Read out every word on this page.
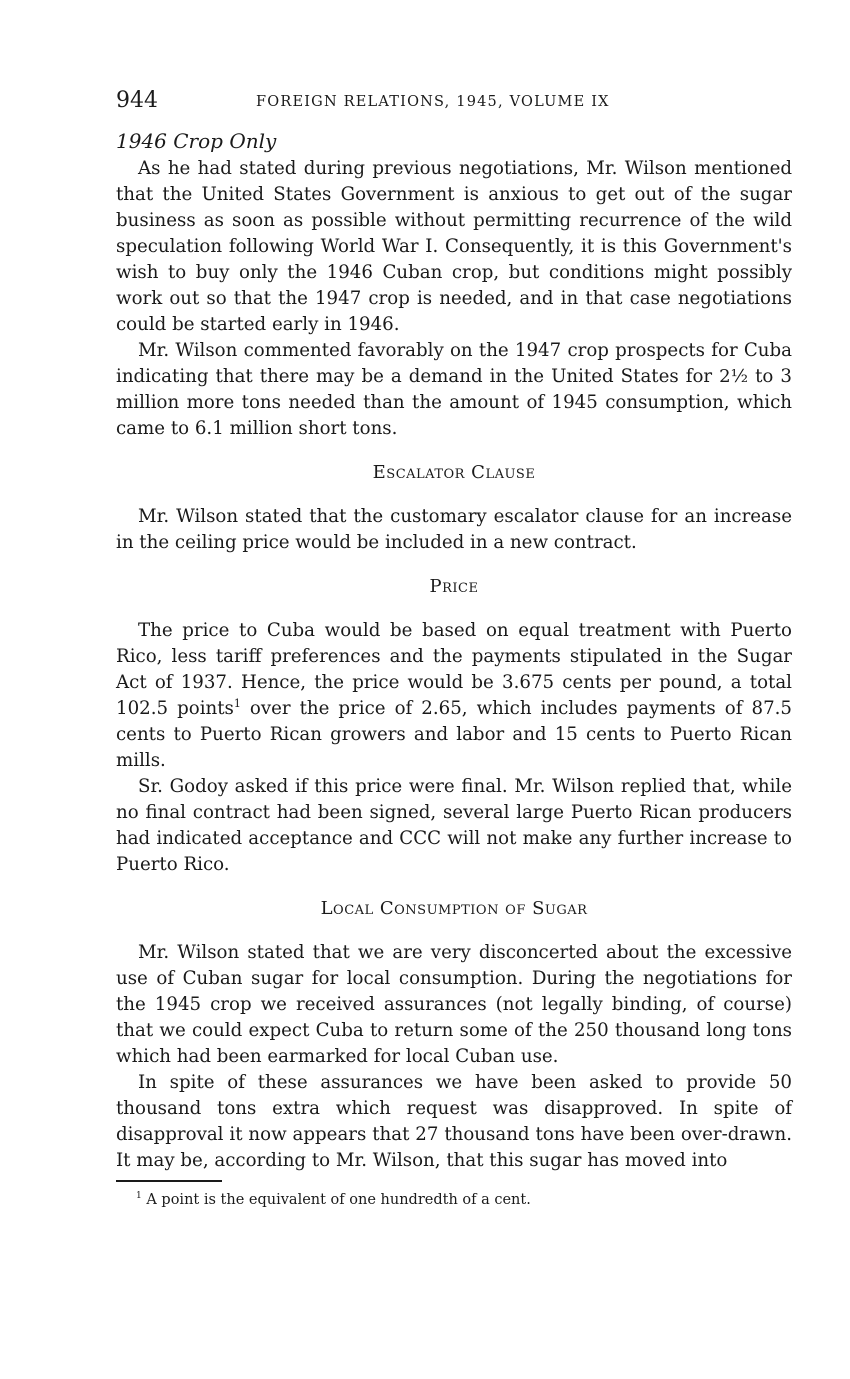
944	FOREIGN RELATIONS, 1945, VOLUME IX
1946 Crop Only

As he had stated during previous negotiations, Mr. Wilson mentioned that the United States Government is anxious to get out of the sugar business as soon as possible without permitting recurrence of the wild speculation following World War I. Consequently, it is this Government's wish to buy only the 1946 Cuban crop, but conditions might possibly work out so that the 1947 crop is needed, and in that case negotiations could be started early in 1946.

Mr. Wilson commented favorably on the 1947 crop prospects for Cuba indicating that there may be a demand in the United States for 2½ to 3 million more tons needed than the amount of 1945 consumption, which came to 6.1 million short tons.

Escalator Clause

Mr. Wilson stated that the customary escalator clause for an increase in the ceiling price would be included in a new contract.

Price

The price to Cuba would be based on equal treatment with Puerto Rico, less tariff preferences and the payments stipulated in the Sugar Act of 1937. Hence, the price would be 3.675 cents per pound, a total 102.5 points$^1$ over the price of 2.65, which includes payments of 87.5 cents to Puerto Rican growers and labor and 15 cents to Puerto Rican mills.

Sr. Godoy asked if this price were final. Mr. Wilson replied that, while no final contract had been signed, several large Puerto Rican producers had indicated acceptance and CCC will not make any further increase to Puerto Rico.

Local Consumption of Sugar

Mr. Wilson stated that we are very disconcerted about the excessive use of Cuban sugar for local consumption. During the negotiations for the 1945 crop we received assurances (not legally binding, of course) that we could expect Cuba to return some of the 250 thousand long tons which had been earmarked for local Cuban use.

In spite of these assurances we have been asked to provide 50 thousand tons extra which request was disapproved. In spite of disapproval it now appears that 27 thousand tons have been over-drawn. It may be, according to Mr. Wilson, that this sugar has moved into

$^1$ A point is the equivalent of one hundredth of a cent.
